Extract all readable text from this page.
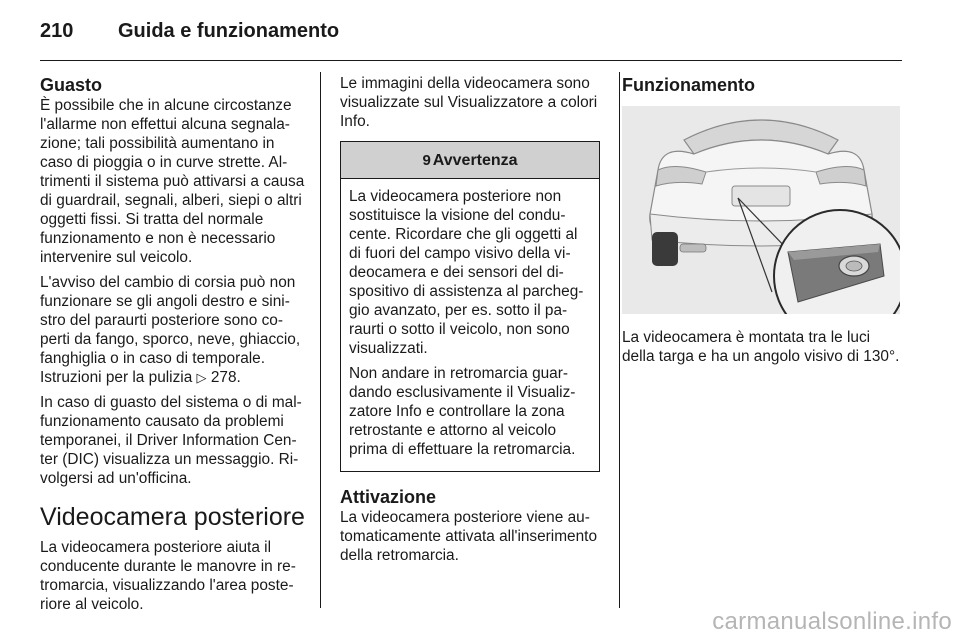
210 Guida e funzionamento
Guasto

È possibile che in alcune circostanze l'allarme non effettui alcuna segnalazione; tali possibilità aumentano in caso di pioggia o in curve strette. Altrimenti il sistema può attivarsi a causa di guardrail, segnali, alberi, siepi o altri oggetti fissi. Si tratta del normale funzionamento e non è necessario intervenire sul veicolo.

L'avviso del cambio di corsia può non funzionare se gli angoli destro e sinistro del paraurti posteriore sono coperti da fango, sporco, neve, ghiaccio, fanghiglia o in caso di temporale. Istruzioni per la pulizia ▷ 278.

In caso di guasto del sistema o di malfunzionamento causato da problemi temporanei, il Driver Information Center (DIC) visualizza un messaggio. Rivolgersi ad un'officina.

Videocamera posteriore

La videocamera posteriore aiuta il conducente durante le manovre in retromarcia, visualizzando l'area posteriore al veicolo.

Le immagini della videocamera sono visualizzate sul Visualizzatore a colori Info.

9 Avvertenza

La videocamera posteriore non sostituisce la visione del conducente. Ricordare che gli oggetti al di fuori del campo visivo della videocamera e dei sensori del dispositivo di assistenza al parcheggio avanzato, per es. sotto il paraurti o sotto il veicolo, non sono visualizzati.

Non andare in retromarcia guardando esclusivamente il Visualizzatore Info e controllare la zona retrostante e attorno al veicolo prima di effettuare la retromarcia.

Attivazione

La videocamera posteriore viene automaticamente attivata all'inserimento della retromarcia.

Funzionamento

La videocamera è montata tra le luci della targa e ha un angolo visivo di 130°.

carmanualsonline.info
